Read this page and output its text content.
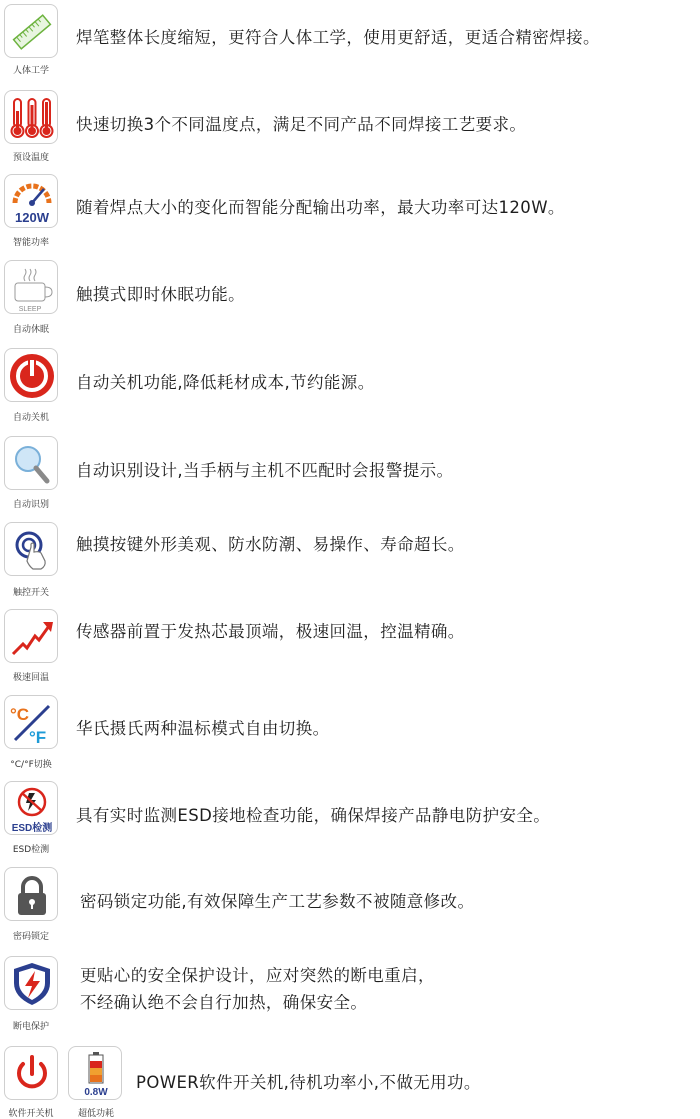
人体工学
焊笔整体长度缩短，更符合人体工学，使用更舒适，更适合精密焊接。
预设温度
快速切换3个不同温度点，满足不同产品不同焊接工艺要求。
120W
智能功率
随着焊点大小的变化而智能分配输出功率，最大功率可达120W。
SLEEP
自动休眠
触摸式即时休眠功能。
自动关机
自动关机功能,降低耗材成本,节约能源。
自动识别
自动识别设计,当手柄与主机不匹配时会报警提示。
触控开关
触摸按键外形美观、防水防潮、易操作、寿命超长。
极速回温
传感器前置于发热芯最顶端，极速回温，控温精确。
°C
°F
°C/°F切换
华氏摄氏两种温标模式自由切换。
ESD检测
ESD检测
具有实时监测ESD接地检查功能，确保焊接产品静电防护安全。
密码锁定
密码锁定功能,有效保障生产工艺参数不被随意修改。
断电保护
更贴心的安全保护设计，应对突然的断电重启，
不经确认绝不会自行加热，确保安全。
软件开关机
0.8W
超低功耗
POWER软件开关机,待机功率小,不做无用功。
